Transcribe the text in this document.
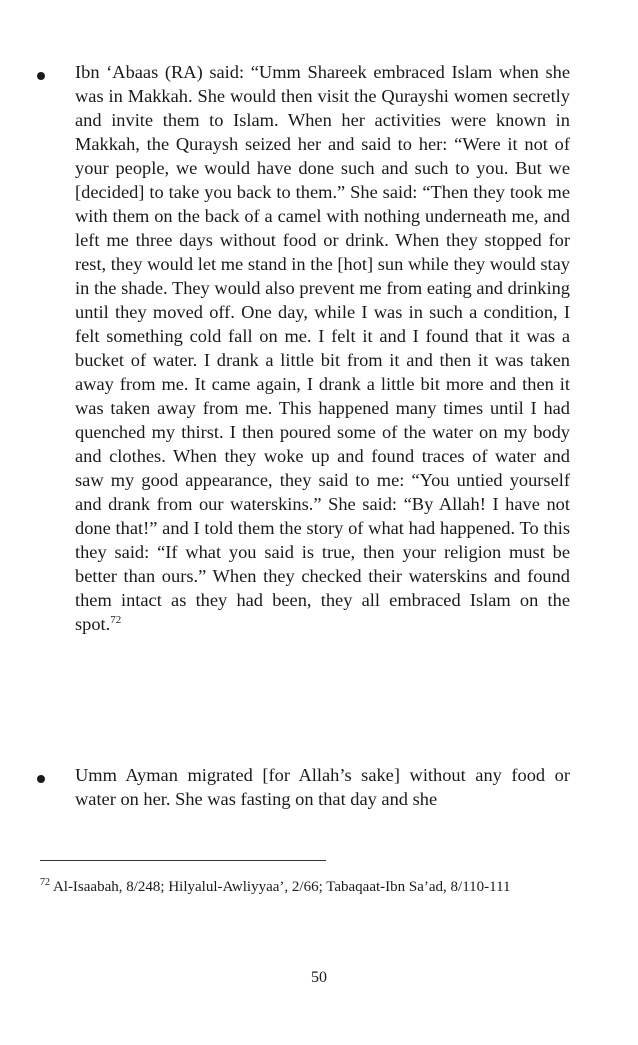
Ibn ‘Abaas (RA) said: “Umm Shareek embraced Islam when she was in Makkah. She would then visit the Qurayshi women secretly and invite them to Islam. When her activities were known in Makkah, the Quraysh seized her and said to her: “Were it not of your people, we would have done such and such to you. But we [decided] to take you back to them.” She said: “Then they took me with them on the back of a camel with nothing underneath me, and left me three days without food or drink. When they stopped for rest, they would let me stand in the [hot] sun while they would stay in the shade. They would also prevent me from eating and drinking until they moved off. One day, while I was in such a condition, I felt something cold fall on me. I felt it and I found that it was a bucket of water. I drank a little bit from it and then it was taken away from me. It came again, I drank a little bit more and then it was taken away from me. This happened many times until I had quenched my thirst. I then poured some of the water on my body and clothes. When they woke up and found traces of water and saw my good appearance, they said to me: “You untied yourself and drank from our waterskins.” She said: “By Allah! I have not done that!” and I told them the story of what had happened. To this they said: “If what you said is true, then your religion must be better than ours.” When they checked their waterskins and found them intact as they had been, they all embraced Islam on the spot.$^{72}$

Umm Ayman migrated [for Allah’s sake] without any food or water on her. She was fasting on that day and she

$^{72}$ Al-Isaabah, 8/248; Hilyalul-Awliyyaa’, 2/66; Tabaqaat-Ibn Sa’ad, 8/110-111

50
